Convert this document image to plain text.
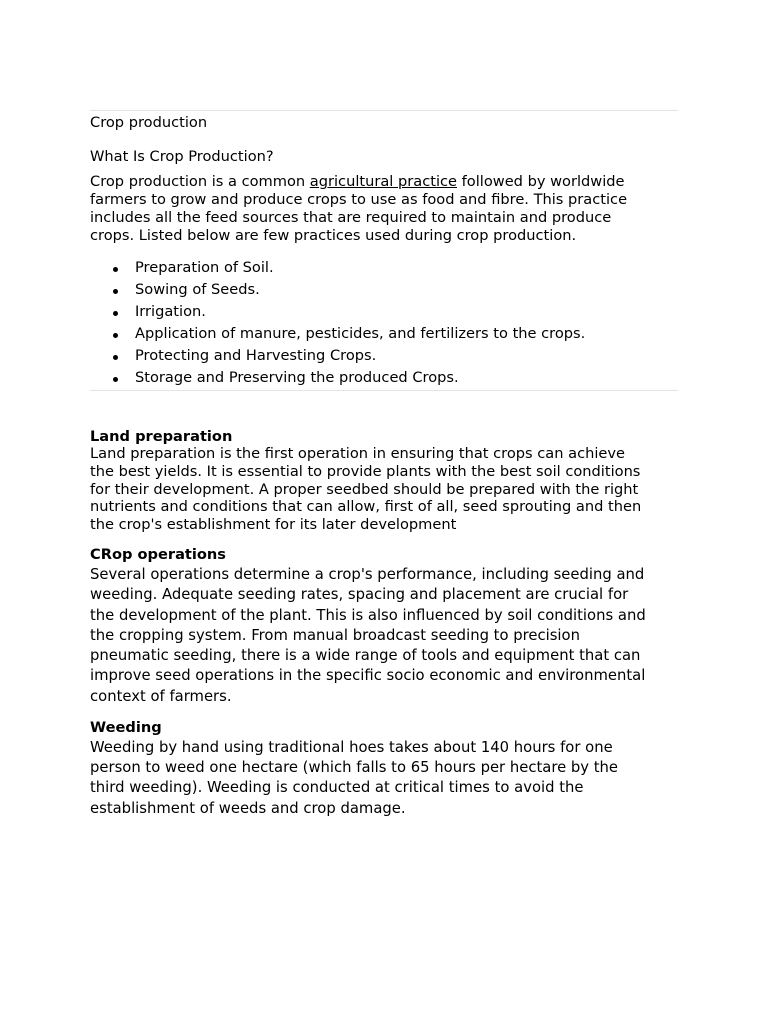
Crop production
What Is Crop Production?
Crop production is a common agricultural practice followed by worldwide
farmers to grow and produce crops to use as food and fibre. This practice
includes all the feed sources that are required to maintain and produce
crops. Listed below are few practices used during crop production.
Preparation of Soil.
Sowing of Seeds.
Irrigation.
Application of manure, pesticides, and fertilizers to the crops.
Protecting and Harvesting Crops.
Storage and Preserving the produced Crops.
Land preparation
Land preparation is the first operation in ensuring that crops can achieve
the best yields. It is essential to provide plants with the best soil conditions
for their development. A proper seedbed should be prepared with the right
nutrients and conditions that can allow, first of all, seed sprouting and then
the crop's establishment for its later development
CRop operations
Several operations determine a crop's performance, including seeding and
weeding. Adequate seeding rates, spacing and placement are crucial for
the development of the plant. This is also influenced by soil conditions and
the cropping system. From manual broadcast seeding to precision
pneumatic seeding, there is a wide range of tools and equipment that can
improve seed operations in the specific socio economic and environmental
context of farmers.
Weeding
Weeding by hand using traditional hoes takes about 140 hours for one
person to weed one hectare (which falls to 65 hours per hectare by the
third weeding). Weeding is conducted at critical times to avoid the
establishment of weeds and crop damage.
